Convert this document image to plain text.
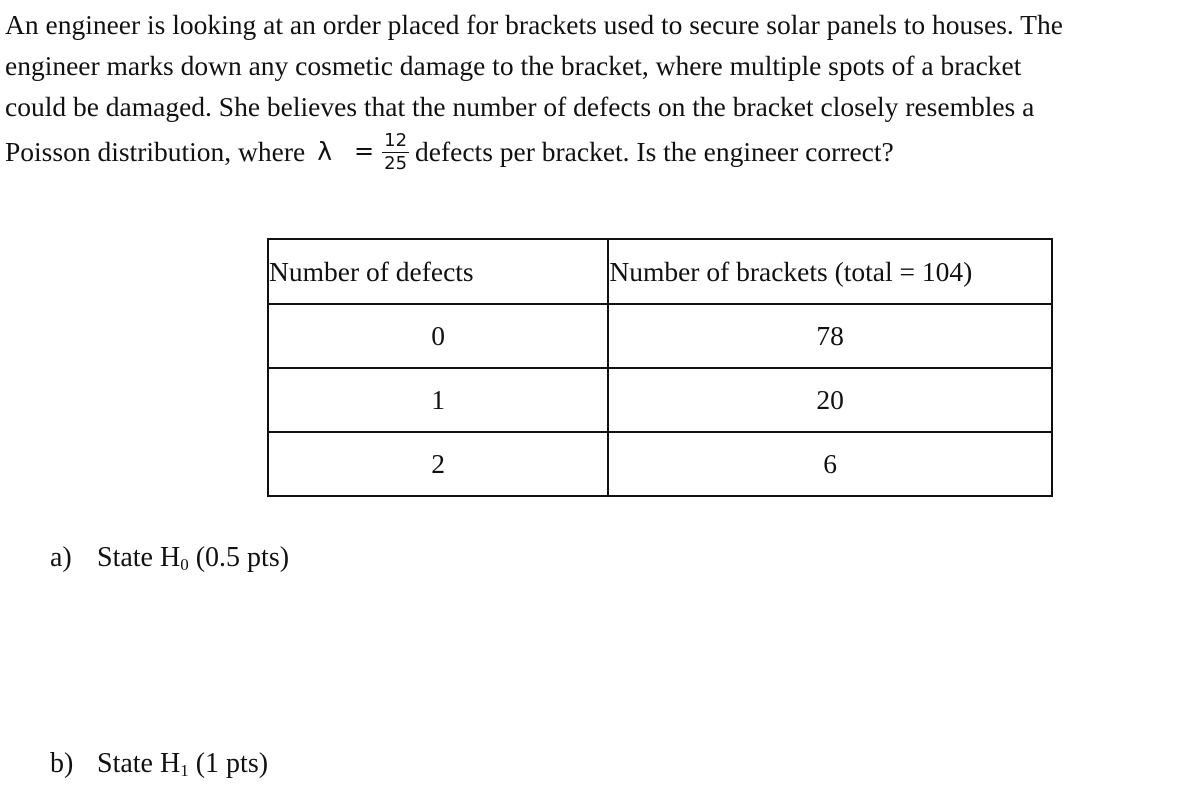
An engineer is looking at an order placed for brackets used to secure solar panels to houses. The
engineer marks down any cosmetic damage to the bracket, where multiple spots of a bracket
could be damaged. She believes that the number of defects on the bracket closely resembles a
Poisson distribution, where $\lambda = \frac{12}{25}$ defects per bracket. Is the engineer correct?
Number of defects	Number of brackets (total = 104)
0	78
1	20
2	6
a) State $H_0$ (0.5 pts)
b) State $H_1$ (1 pts)
